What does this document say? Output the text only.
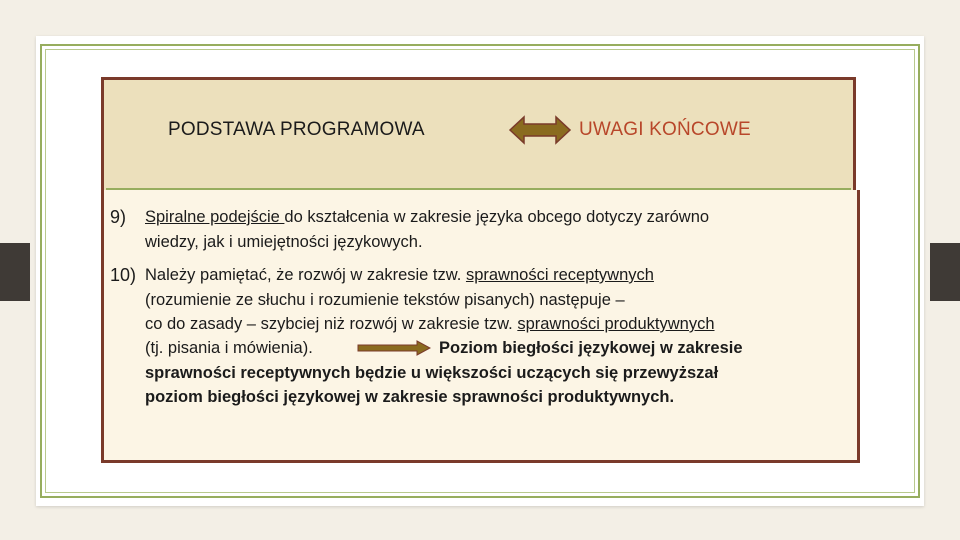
PODSTAWA PROGRAMOWA	UWAGI KOŃCOWE
9) Spiralne podejście do kształcenia w zakresie języka obcego dotyczy zarówno
wiedzy, jak i umiejętności językowych.
10) Należy pamiętać, że rozwój w zakresie tzw. sprawności receptywnych
(rozumienie ze słuchu i rozumienie tekstów pisanych) następuje –
co do zasady – szybciej niż rozwój w zakresie tzw. sprawności produktywnych
(tj. pisania i mówienia).	Poziom biegłości językowej w zakresie
sprawności receptywnych będzie u większości uczących się przewyższał
poziom biegłości językowej w zakresie sprawności produktywnych.
